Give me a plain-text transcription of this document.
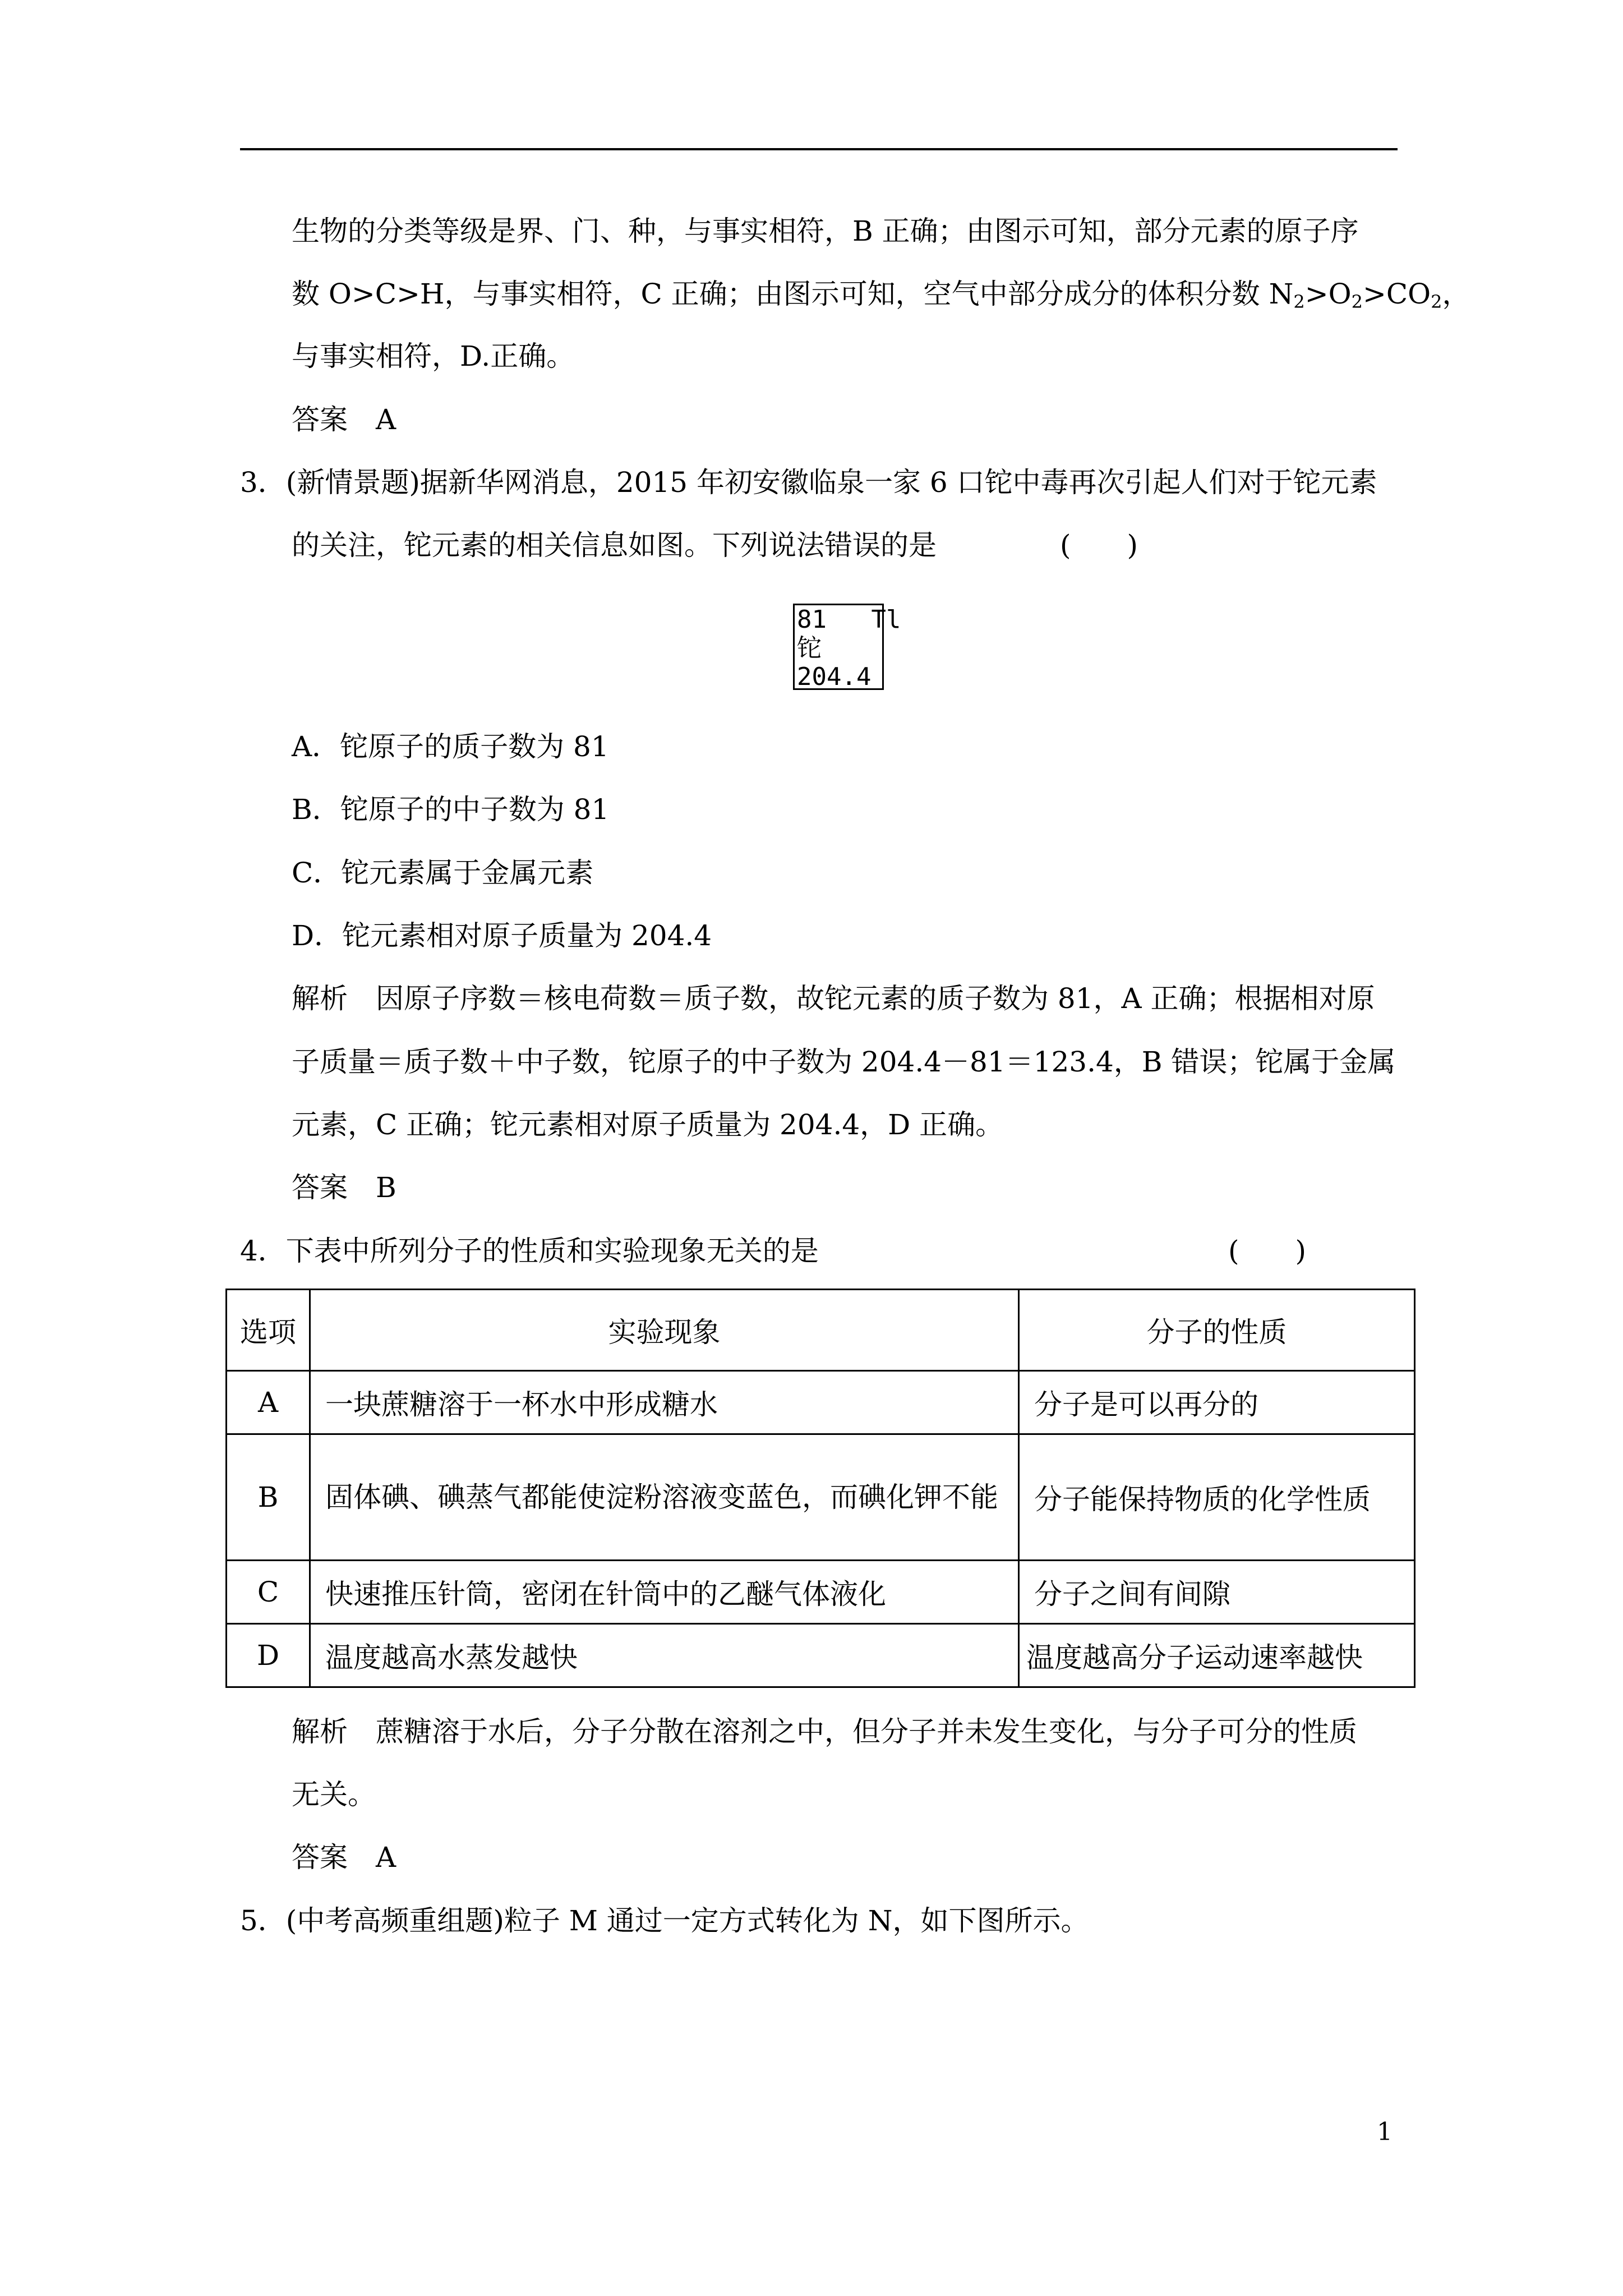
生物的分类等级是界、门、种，与事实相符，B 正确；由图示可知，部分元素的原子序
数 O>C>H，与事实相符，C 正确；由图示可知，空气中部分成分的体积分数 $N_2>O_2>CO_2$，
与事实相符，D.正确。
答案　A
3．(新情景题)据新华网消息，2015 年初安徽临泉一家 6 口铊中毒再次引起人们对于铊元素
的关注，铊元素的相关信息如图。下列说法错误的是	(　　)
81 Tl
铊
204.4
A．铊原子的质子数为 81
B．铊原子的中子数为 81
C．铊元素属于金属元素
D．铊元素相对原子质量为 204.4
解析　因原子序数＝核电荷数＝质子数，故铊元素的质子数为 81，A 正确；根据相对原
子质量＝质子数＋中子数，铊原子的中子数为 204.4－81＝123.4，B 错误；铊属于金属
元素，C 正确；铊元素相对原子质量为 204.4，D 正确。
答案　B
4．下表中所列分子的性质和实验现象无关的是	(　　)
选项	实验现象	分子的性质
A	一块蔗糖溶于一杯水中形成糖水	分子是可以再分的
B	固体碘、碘蒸气都能使淀粉溶液变蓝色，而碘化钾不能	分子能保持物质的化学性质
C	快速推压针筒，密闭在针筒中的乙醚气体液化	分子之间有间隙
D	温度越高水蒸发越快	温度越高分子运动速率越快
解析　蔗糖溶于水后，分子分散在溶剂之中，但分子并未发生变化，与分子可分的性质
无关。
答案　A
5．(中考高频重组题)粒子 M 通过一定方式转化为 N，如下图所示。
1
